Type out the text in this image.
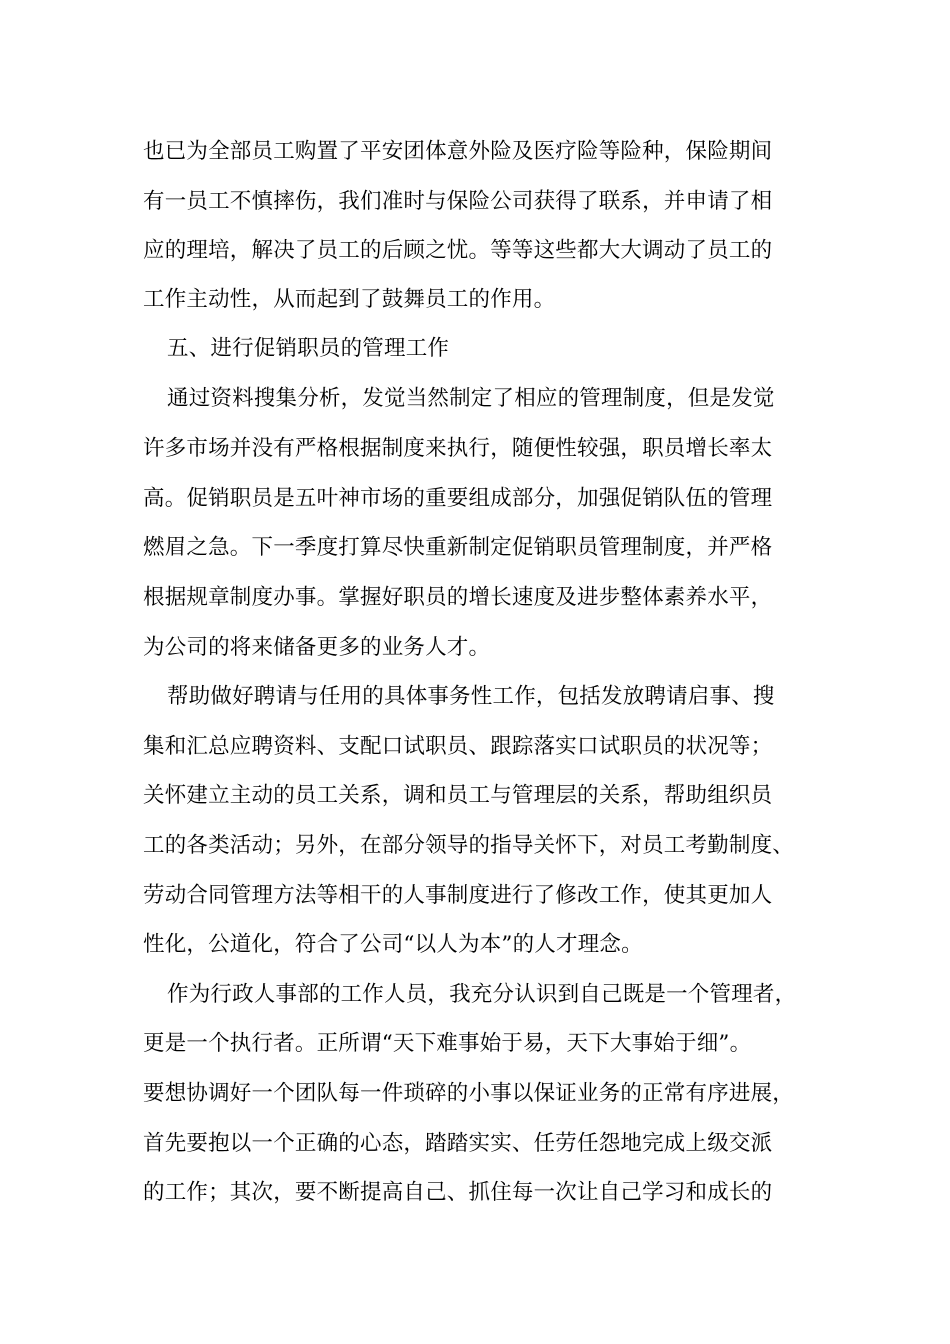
也已为全部员工购置了平安团体意外险及医疗险等险种，保险期间
有一员工不慎摔伤，我们准时与保险公司获得了联系，并申请了相
应的理培，解决了员工的后顾之忧。等等这些都大大调动了员工的
工作主动性，从而起到了鼓舞员工的作用。
五、进行促销职员的管理工作
通过资料搜集分析，发觉当然制定了相应的管理制度，但是发觉
许多市场并没有严格根据制度来执行，随便性较强，职员增长率太
高。促销职员是五叶神市场的重要组成部分，加强促销队伍的管理
燃眉之急。下一季度打算尽快重新制定促销职员管理制度，并严格
根据规章制度办事。掌握好职员的增长速度及进步整体素养水平，
为公司的将来储备更多的业务人才。
帮助做好聘请与任用的具体事务性工作，包括发放聘请启事、搜
集和汇总应聘资料、支配口试职员、跟踪落实口试职员的状况等；
关怀建立主动的员工关系，调和员工与管理层的关系，帮助组织员
工的各类活动；另外，在部分领导的指导关怀下，对员工考勤制度、
劳动合同管理方法等相干的人事制度进行了修改工作，使其更加人
性化，公道化，符合了公司“以人为本”的人才理念。
作为行政人事部的工作人员，我充分认识到自己既是一个管理者，
更是一个执行者。正所谓“天下难事始于易，天下大事始于细”。
要想协调好一个团队每一件琐碎的小事以保证业务的正常有序进展，
首先要抱以一个正确的心态，踏踏实实、任劳任怨地完成上级交派
的工作；其次，要不断提高自己、抓住每一次让自己学习和成长的
